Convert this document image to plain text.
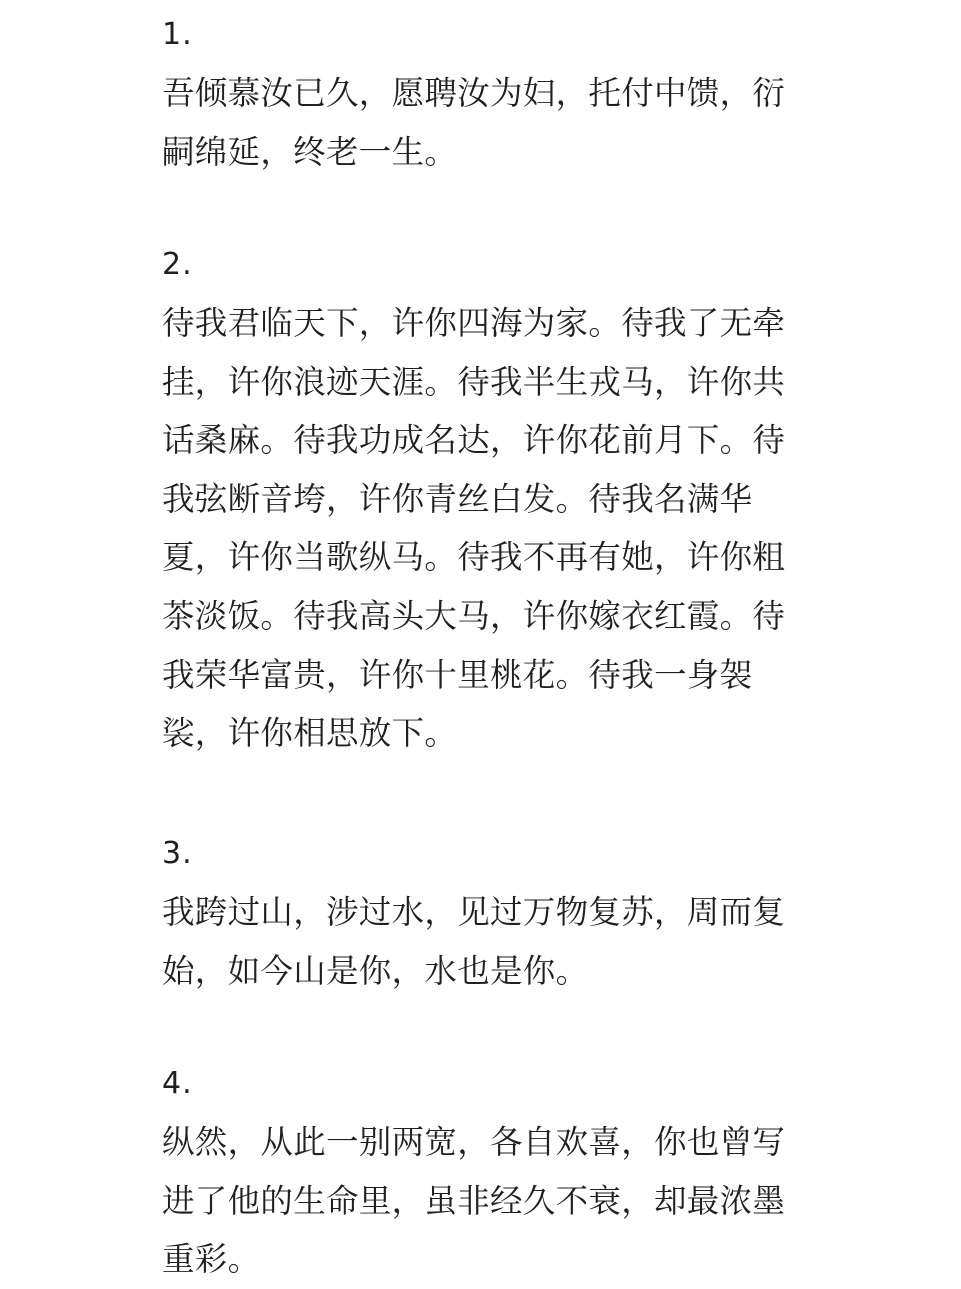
1.
吾倾慕汝已久，愿聘汝为妇，托付中馈，衍
嗣绵延，终老一生。
2.
待我君临天下，许你四海为家。待我了无牵
挂，许你浪迹天涯。待我半生戎马，许你共
话桑麻。待我功成名达，许你花前月下。待
我弦断音垮，许你青丝白发。待我名满华
夏，许你当歌纵马。待我不再有她，许你粗
茶淡饭。待我高头大马，许你嫁衣红霞。待
我荣华富贵，许你十里桃花。待我一身袈
裟，许你相思放下。
3.
我跨过山，涉过水，见过万物复苏，周而复
始，如今山是你，水也是你。
4.
纵然，从此一别两宽，各自欢喜，你也曾写
进了他的生命里，虽非经久不衰，却最浓墨
重彩。
